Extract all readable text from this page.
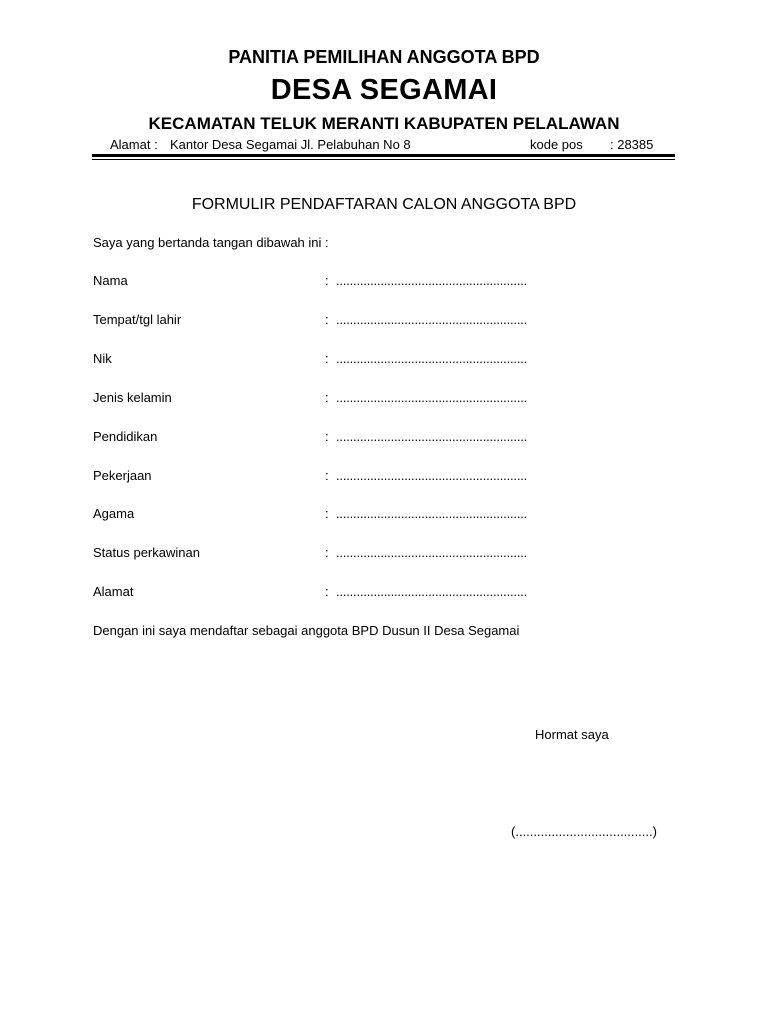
PANITIA PEMILIHAN ANGGOTA BPD
DESA SEGAMAI
KECAMATAN TELUK MERANTI KABUPATEN PELALAWAN
Alamat : Kantor Desa Segamai Jl. Pelabuhan No 8	kode pos : 28385
FORMULIR PENDAFTARAN CALON ANGGOTA BPD
Saya yang bertanda tangan dibawah ini :
Nama	: ........................................................
Tempat/tgl lahir	: ........................................................
Nik	: ........................................................
Jenis kelamin	: ........................................................
Pendidikan	: ........................................................
Pekerjaan	: ........................................................
Agama	: ........................................................
Status perkawinan	: ........................................................
Alamat	: ........................................................
Dengan ini saya mendaftar sebagai anggota BPD Dusun II Desa Segamai
Hormat saya
(......................................)
